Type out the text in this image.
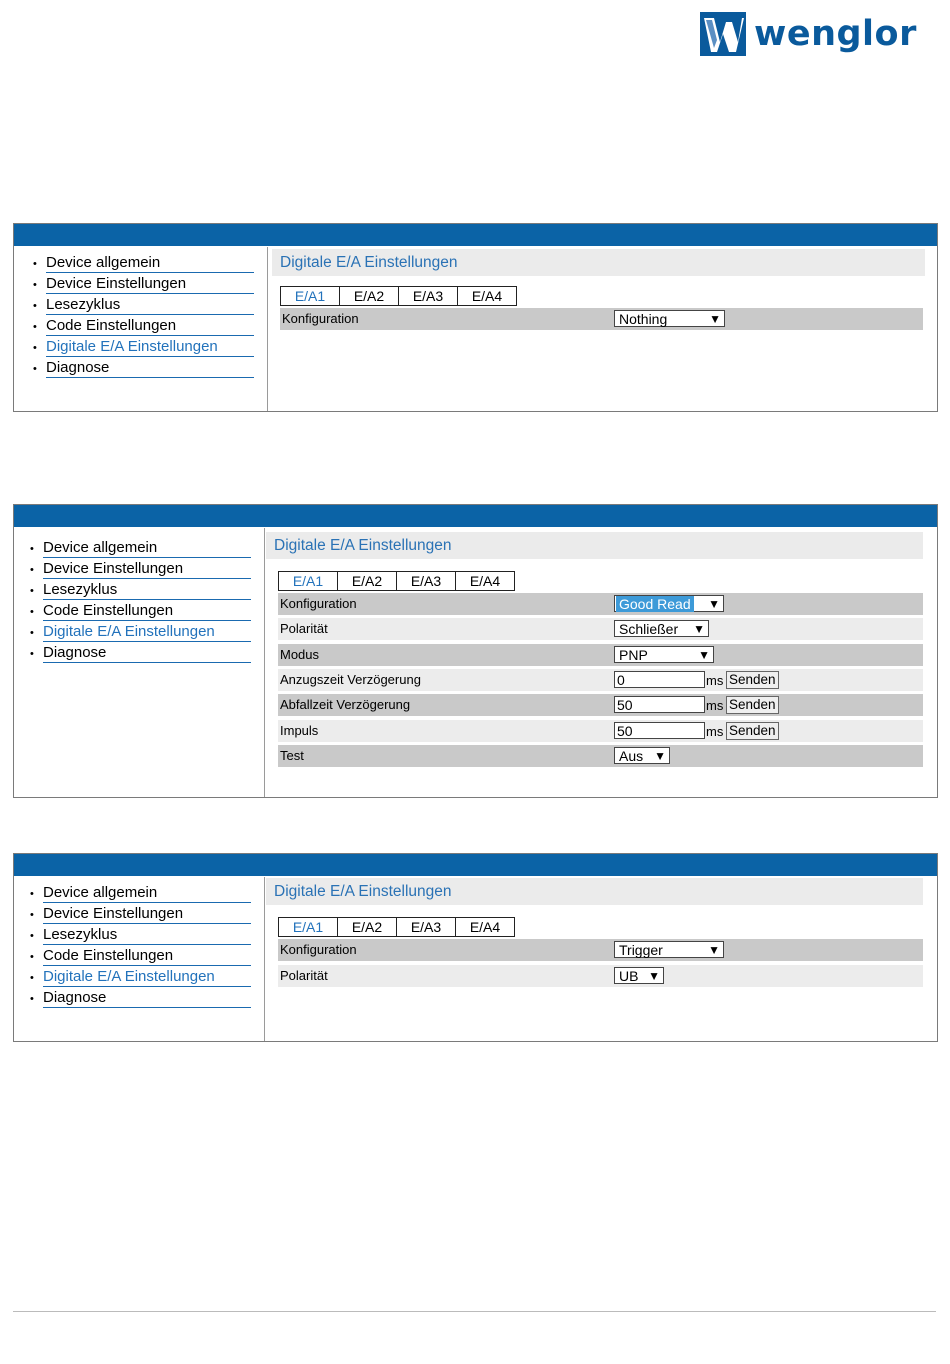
wenglor
®
• Device allgemein
• Device Einstellungen
• Lesezyklus
• Code Einstellungen
• Digitale E/A Einstellungen
• Diagnose
Digitale E/A Einstellungen
E/A1	E/A2	E/A3	E/A4
Konfiguration	Nothing	▼
• Device allgemein
• Device Einstellungen
• Lesezyklus
• Code Einstellungen
• Digitale E/A Einstellungen
• Diagnose
Digitale E/A Einstellungen
E/A1	E/A2	E/A3	E/A4
Konfiguration	Good Read ▼
Polarität	Schließer ▼
Modus	PNP	▼
Anzugszeit Verzögerung	0	ms Senden
Abfallzeit Verzögerung	50	ms Senden
Impuls	50	ms Senden
Test	Aus ▼
• Device allgemein
• Device Einstellungen
• Lesezyklus
• Code Einstellungen
• Digitale E/A Einstellungen
• Diagnose
Digitale E/A Einstellungen
E/A1	E/A2	E/A3	E/A4
Konfiguration	Trigger	▼
Polarität	UB ▼
